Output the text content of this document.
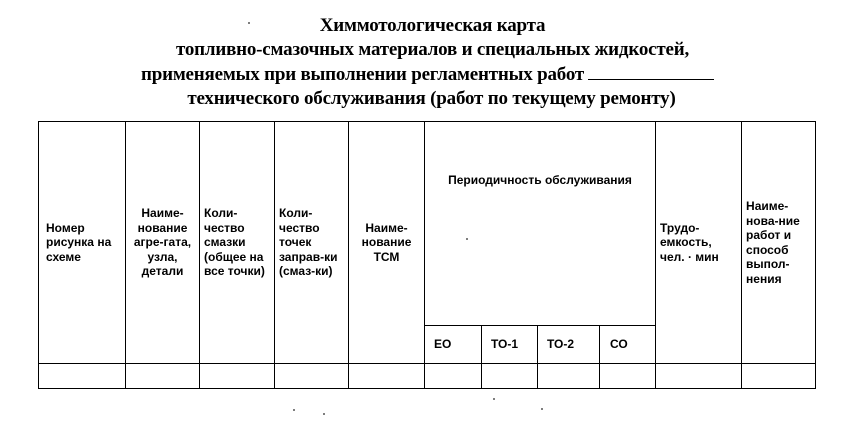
Химмотологическая карта
топливно-смазочных материалов и специальных жидкостей,
применяемых при выполнении регламентных работ
технического обслуживания (работ по текущему ремонту)
Номер рисунка на схеме	Наиме-нование агре-гата, узла, детали	Коли-чество смазки (общее на все точки)	Коли-чество точек заправ-ки (смаз-ки)	Наиме-нование ТСМ	Периодичность обслуживания				Трудо-емкость, чел. · мин	Наиме-нова-ние работ и способ выпол-нения
					ЕО	ТО-1	ТО-2	СО		
